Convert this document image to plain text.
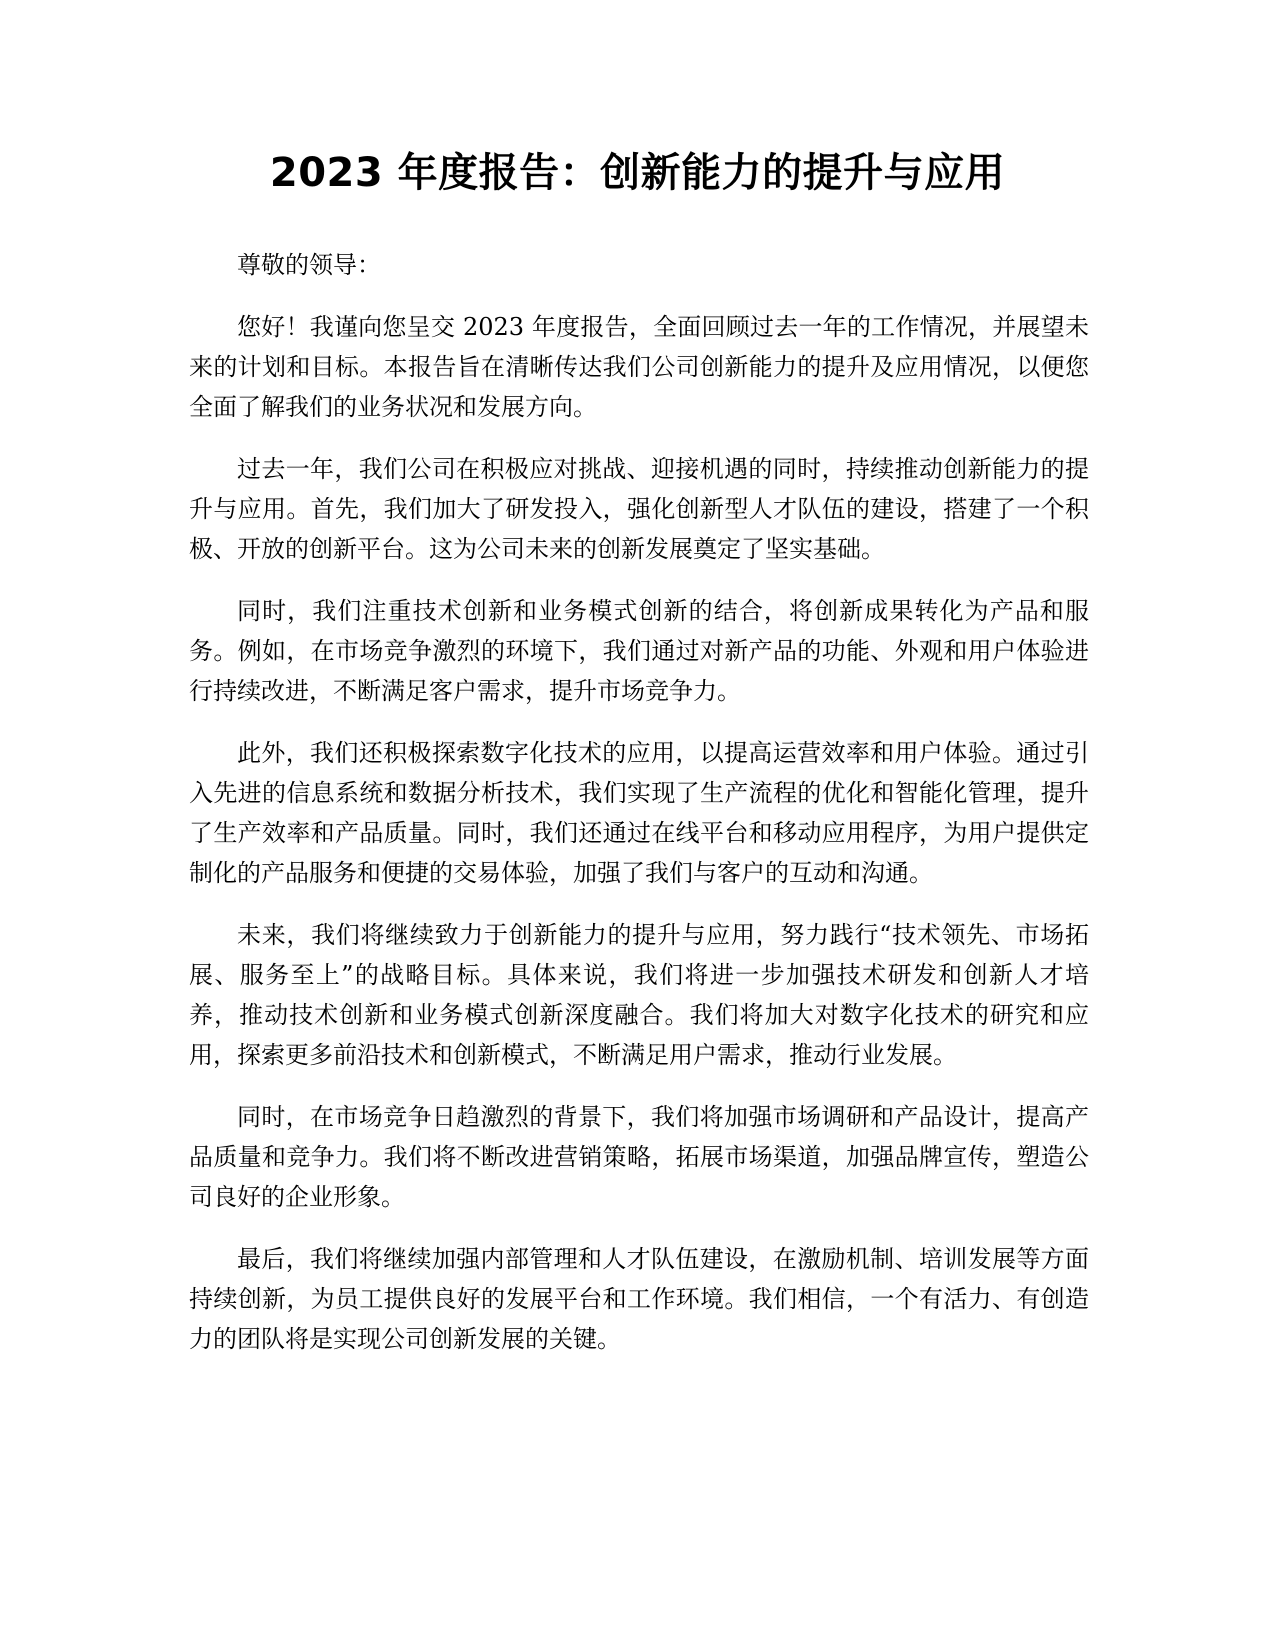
2023 年度报告：创新能力的提升与应用

尊敬的领导：

您好！我谨向您呈交 2023 年度报告，全面回顾过去一年的工作情况，并展望未来的计划和目标。本报告旨在清晰传达我们公司创新能力的提升及应用情况，以便您全面了解我们的业务状况和发展方向。

过去一年，我们公司在积极应对挑战、迎接机遇的同时，持续推动创新能力的提升与应用。首先，我们加大了研发投入，强化创新型人才队伍的建设，搭建了一个积极、开放的创新平台。这为公司未来的创新发展奠定了坚实基础。

同时，我们注重技术创新和业务模式创新的结合，将创新成果转化为产品和服务。例如，在市场竞争激烈的环境下，我们通过对新产品的功能、外观和用户体验进行持续改进，不断满足客户需求，提升市场竞争力。

此外，我们还积极探索数字化技术的应用，以提高运营效率和用户体验。通过引入先进的信息系统和数据分析技术，我们实现了生产流程的优化和智能化管理，提升了生产效率和产品质量。同时，我们还通过在线平台和移动应用程序，为用户提供定制化的产品服务和便捷的交易体验，加强了我们与客户的互动和沟通。

未来，我们将继续致力于创新能力的提升与应用，努力践行“技术领先、市场拓展、服务至上”的战略目标。具体来说，我们将进一步加强技术研发和创新人才培养，推动技术创新和业务模式创新深度融合。我们将加大对数字化技术的研究和应用，探索更多前沿技术和创新模式，不断满足用户需求，推动行业发展。

同时，在市场竞争日趋激烈的背景下，我们将加强市场调研和产品设计，提高产品质量和竞争力。我们将不断改进营销策略，拓展市场渠道，加强品牌宣传，塑造公司良好的企业形象。

最后，我们将继续加强内部管理和人才队伍建设，在激励机制、培训发展等方面持续创新，为员工提供良好的发展平台和工作环境。我们相信，一个有活力、有创造力的团队将是实现公司创新发展的关键。
